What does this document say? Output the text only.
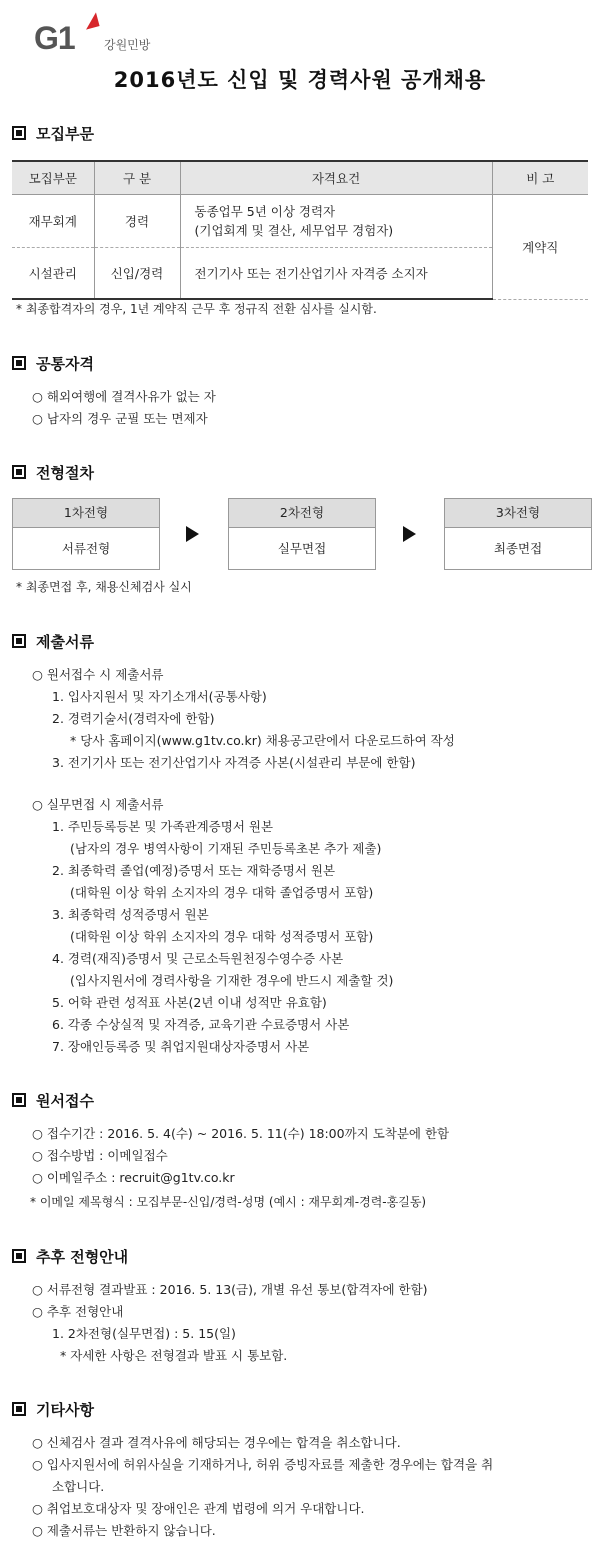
G1 강원민방
2016년도 신입 및 경력사원 공개채용
모집부문
모집부문	구 분	자격요건	비 고
재무회계	경력	동종업무 5년 이상 경력자
(기업회계 및 결산, 세무업무 경험자)	계약직
시설관리	신입/경력	전기기사 또는 전기산업기사 자격증 소지자	
* 최종합격자의 경우, 1년 계약직 근무 후 정규직 전환 심사를 실시함.
공통자격
○ 해외여행에 결격사유가 없는 자
○ 남자의 경우 군필 또는 면제자
전형절차
1차전형
서류전형
2차전형
실무면접
3차전형
최종면접
* 최종면접 후, 채용신체검사 실시
제출서류
○ 원서접수 시 제출서류
1. 입사지원서 및 자기소개서(공통사항)
2. 경력기술서(경력자에 한함)
* 당사 홈페이지(www.g1tv.co.kr) 채용공고란에서 다운로드하여 작성
3. 전기기사 또는 전기산업기사 자격증 사본(시설관리 부문에 한함)
○ 실무면접 시 제출서류
1. 주민등록등본 및 가족관계증명서 원본
(남자의 경우 병역사항이 기재된 주민등록초본 추가 제출)
2. 최종학력 졸업(예정)증명서 또는 재학증명서 원본
(대학원 이상 학위 소지자의 경우 대학 졸업증명서 포함)
3. 최종학력 성적증명서 원본
(대학원 이상 학위 소지자의 경우 대학 성적증명서 포함)
4. 경력(재직)증명서 및 근로소득원천징수영수증 사본
(입사지원서에 경력사항을 기재한 경우에 반드시 제출할 것)
5. 어학 관련 성적표 사본(2년 이내 성적만 유효함)
6. 각종 수상실적 및 자격증, 교육기관 수료증명서 사본
7. 장애인등록증 및 취업지원대상자증명서 사본
원서접수
○ 접수기간 : 2016. 5. 4(수) ~ 2016. 5. 11(수) 18:00까지 도착분에 한함
○ 접수방법 : 이메일접수
○ 이메일주소 : recruit@g1tv.co.kr
* 이메일 제목형식 : 모집부문-신입/경력-성명 (예시 : 재무회계-경력-홍길동)
추후 전형안내
○ 서류전형 결과발표 : 2016. 5. 13(금), 개별 유선 통보(합격자에 한함)
○ 추후 전형안내
1. 2차전형(실무면접) : 5. 15(일)
* 자세한 사항은 전형결과 발표 시 통보함.
기타사항
○ 신체검사 결과 결격사유에 해당되는 경우에는 합격을 취소합니다.
○ 입사지원서에 허위사실을 기재하거나, 허위 증빙자료를 제출한 경우에는 합격을 취
소합니다.
○ 취업보호대상자 및 장애인은 관계 법령에 의거 우대합니다.
○ 제출서류는 반환하지 않습니다.
